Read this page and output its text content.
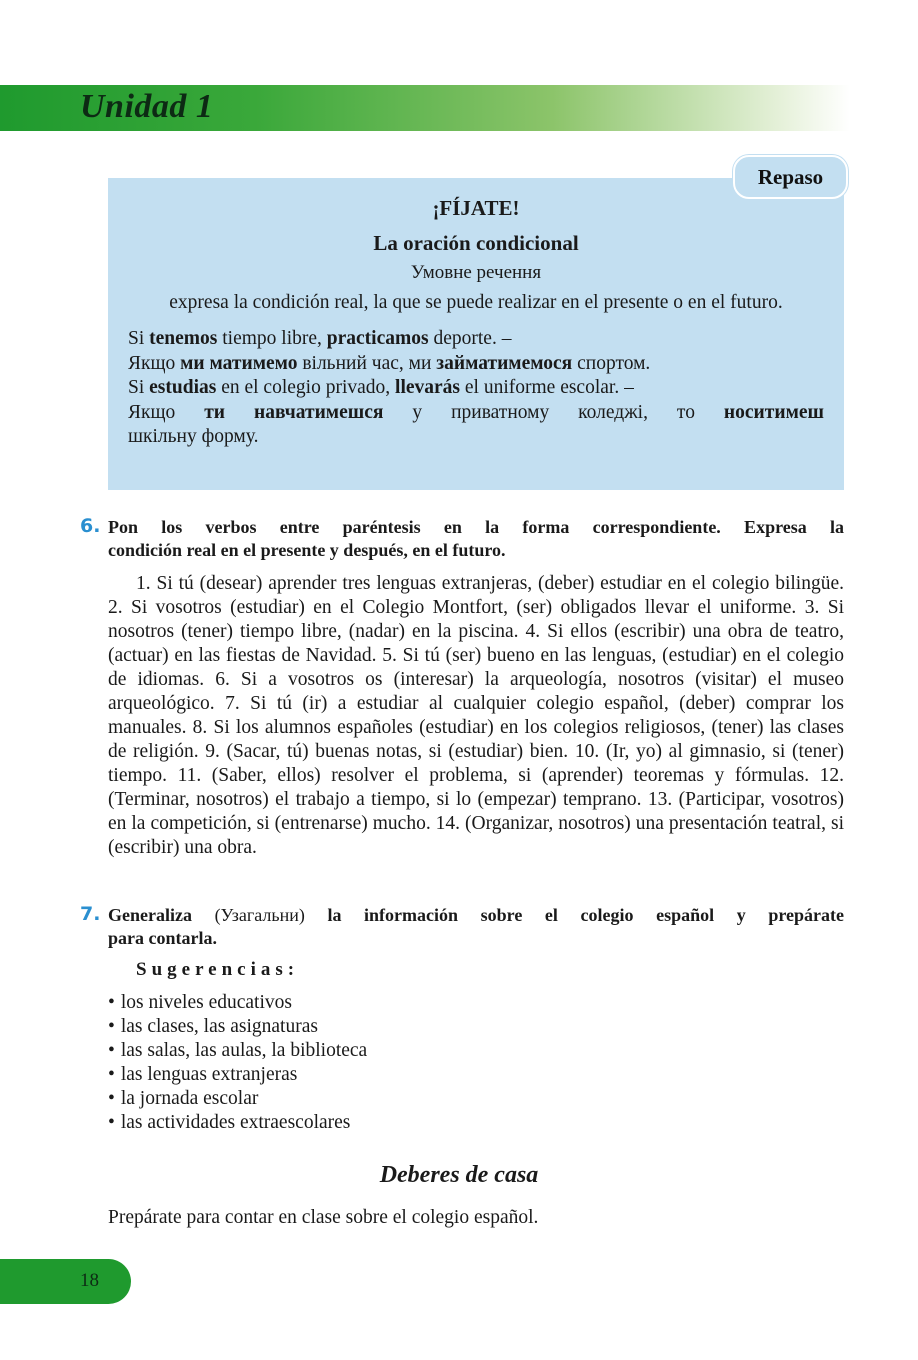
Unidad 1
¡FÍJATE!
La oración condicional
Умовне речення
expresa la condición real, la que se puede realizar en el presente o en el futuro.
Si tenemos tiempo libre, practicamos deporte. –
Якщо ми матимемо вільний час, ми займатимемося спортом.
Si estudias en el colegio privado, llevarás el uniforme escolar. –
Якщо ти навчатимешся у приватному коледжі, то носитимеш
шкільну форму.
Repaso
6. Pon los verbos entre paréntesis en la forma correspondiente. Expresa la
condición real en el presente y después, en el futuro.
1. Si tú (desear) aprender tres lenguas extranjeras, (deber) estudiar en el colegio bilingüe. 2. Si vosotros (estudiar) en el Colegio Montfort, (ser) obligados llevar el uniforme. 3. Si nosotros (tener) tiempo libre, (nadar) en la piscina. 4. Si ellos (escribir) una obra de teatro, (actuar) en las fiestas de Navidad. 5. Si tú (ser) bueno en las lenguas, (estudiar) en el colegio de idiomas. 6. Si a vosotros os (interesar) la arqueología, nosotros (visitar) el museo arqueológico. 7. Si tú (ir) a estudiar al cualquier colegio español, (deber) comprar los manuales. 8. Si los alumnos españoles (estudiar) en los colegios religiosos, (tener) las clases de religión. 9. (Sacar, tú) buenas notas, si (estudiar) bien. 10. (Ir, yo) al gimnasio, si (tener) tiempo. 11. (Saber, ellos) resolver el problema, si (aprender) teoremas y fórmulas. 12. (Terminar, nosotros) el trabajo a tiempo, si lo (empezar) temprano. 13. (Participar, vosotros) en la competición, si (entrenarse) mucho. 14. (Organizar, nosotros) una presentación teatral, si (escribir) una obra.
7. Generaliza (Узагальни) la información sobre el colegio español y prepárate
para contarla.
Sugerencias:
• los niveles educativos
• las clases, las asignaturas
• las salas, las aulas, la biblioteca
• las lenguas extranjeras
• la jornada escolar
• las actividades extraescolares
Deberes de casa
Prepárate para contar en clase sobre el colegio español.
18
